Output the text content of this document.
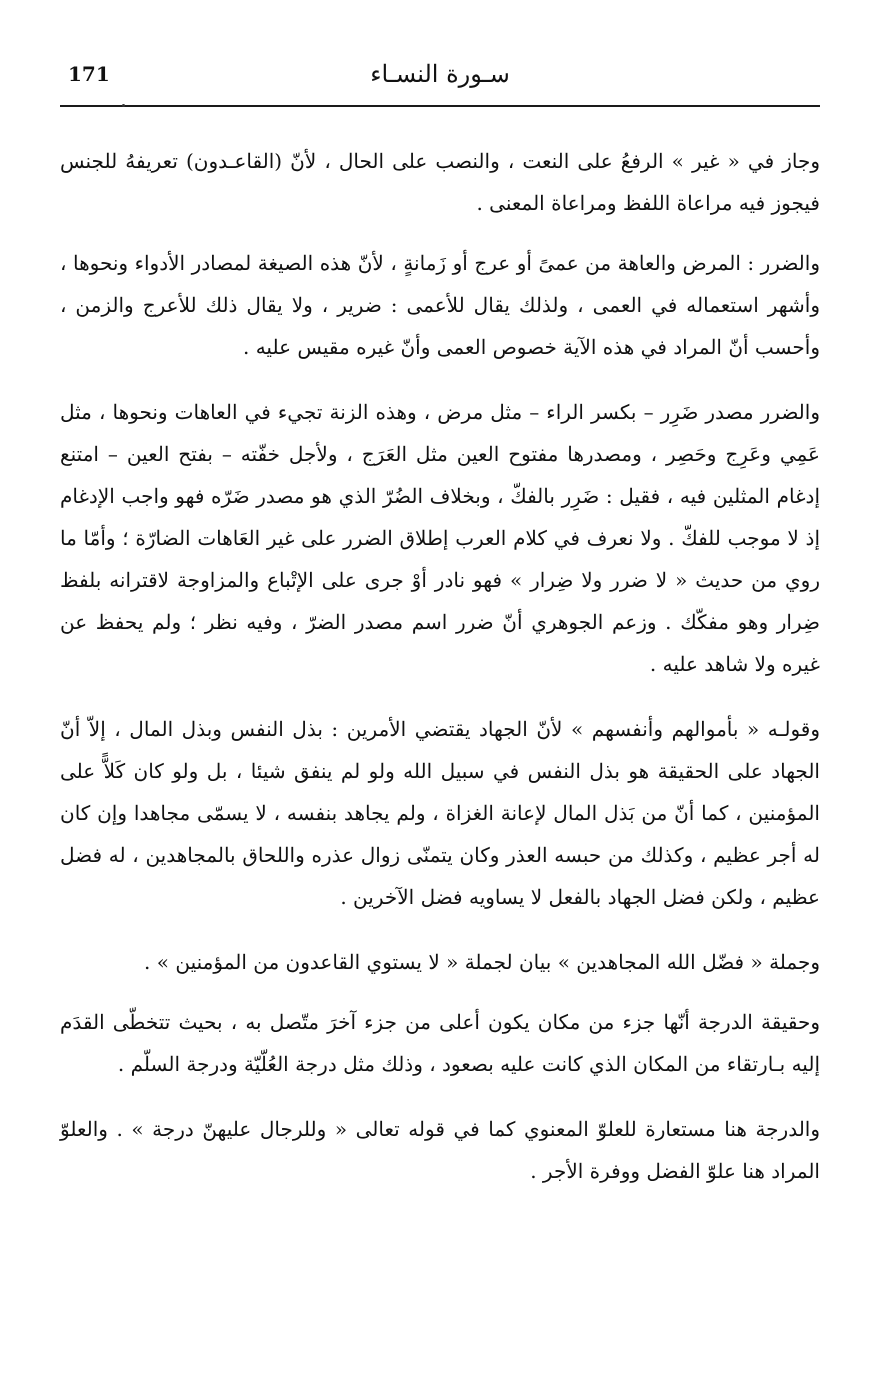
171	سـورة النسـاء

وجاز في « غير » الرفعُ على النعت ، والنصب على الحال ، لأنّ (القاعـدون) تعريفهُ للجنس فيجوز فيه مراعاة اللفظ ومراعاة المعنى .

والضرر : المرض والعاهة من عمىً أو عرج أو زَمانةٍ ، لأنّ هذه الصيغة لمصادر الأدواء ونحوها ، وأشهر استعماله في العمى ، ولذلك يقال للأعمى : ضرير ، ولا يقال ذلك للأعرج والزمن ، وأحسب أنّ المراد في هذه الآية خصوص العمى وأنّ غيره مقيس عليه .

والضرر مصدر ضَرِر – بكسر الراء – مثل مرض ، وهذه الزنة تجيء في العاهات ونحوها ، مثل عَمِي وعَرِج وحَصِر ، ومصدرها مفتوح العين مثل العَرَج ، ولأجل خفّته – بفتح العين – امتنع إدغام المثلين فيه ، فقيل : ضَرِر بالفكّ ، وبخلاف الضُرّ الذي هو مصدر ضَرّه فهو واجب الإدغام إذ لا موجب للفكّ . ولا نعرف في كلام العرب إطلاق الضرر على غير العَاهات الضارّة ؛ وأمّا ما روي من حديث « لا ضرر ولا ضِرار » فهو نادر أوْ جرى على الإتْباع والمزاوجة لاقترانه بلفظ ضِرار وهو مفكّك . وزعم الجوهري أنّ ضرر اسم مصدر الضرّ ، وفيه نظر ؛ ولم يحفظ عن غيره ولا شاهد عليه .

وقولـه « بأموالهم وأنفسهم » لأنّ الجهاد يقتضي الأمرين : بذل النفس وبذل المال ، إلاّ أنّ الجهاد على الحقيقة هو بذل النفس في سبيل الله ولو لم ينفق شيئا ، بل ولو كان كَلاًّ على المؤمنين ، كما أنّ من بَذل المال لإعانة الغزاة ، ولم يجاهد بنفسه ، لا يسمّى مجاهدا وإن كان له أجر عظيم ، وكذلك من حبسه العذر وكان يتمنّى زوال عذره واللحاق بالمجاهدين ، له فضل عظيم ، ولكن فضل الجهاد بالفعل لا يساويه فضل الآخرين .

وجملة « فضّل الله المجاهدين » بيان لجملة « لا يستوي القاعدون من المؤمنين » .

وحقيقة الدرجة أنّها جزء من مكان يكون أعلى من جزء آخرَ متّصل به ، بحيث تتخطّى القدَم إليه بـارتقاء من المكان الذي كانت عليه بصعود ، وذلك مثل درجة العُلّيّة ودرجة السلّم .

والدرجة هنا مستعارة للعلوّ المعنوي كما في قوله تعالى « وللرجال عليهنّ درجة » . والعلوّ المراد هنا علوّ الفضل ووفرة الأجر .
